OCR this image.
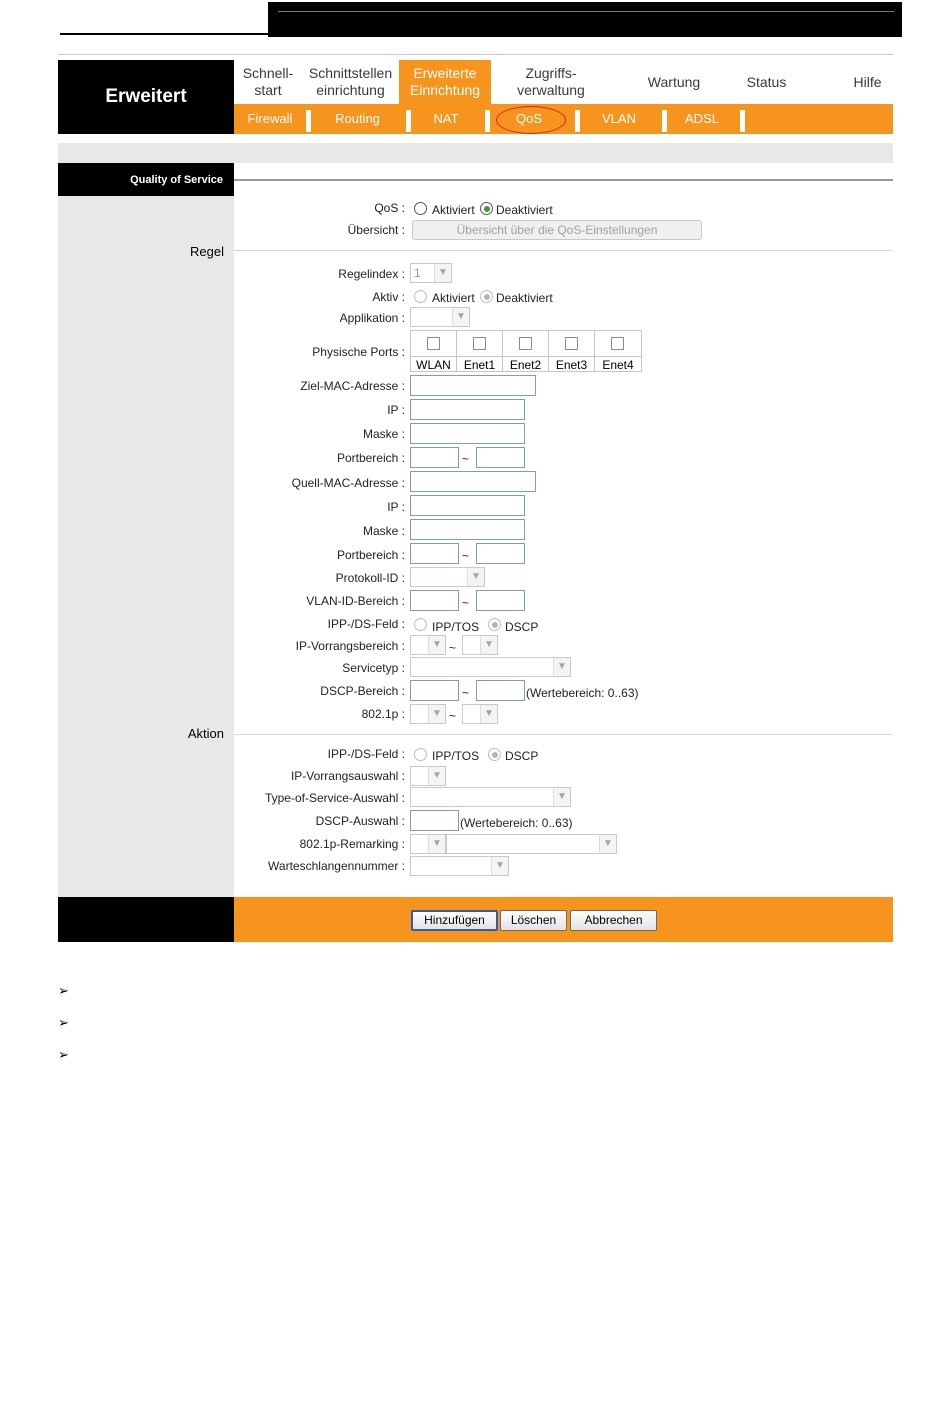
Erweitert
Schnell-
start
Schnittstellen
einrichtung
Erweiterte
Einrichtung
Zugriffs-
verwaltung
Wartung	Status	Hilfe
Firewall	Routing	NAT	QoS	VLAN	ADSL
Quality of Service
Regel
Aktion
QoS : Aktiviert Deaktiviert
Übersicht :	Übersicht über die QoS-Einstellungen
Regelindex : 1	▼
Aktiv : Aktiviert Deaktiviert
Applikation :	▼
Physische Ports :
WLAN	Enet1	Enet2	Enet3	Enet4
Ziel-MAC-Adresse :
IP :
Maske :
Portbereich :	~
Quell-MAC-Adresse :
IP :
Maske :
Portbereich :	~
Protokoll-ID :	▼
VLAN-ID-Bereich :	~
IPP-/DS-Feld : IPP/TOS DSCP
IP-Vorrangsbereich :	▼ ~	▼
Servicetyp :	▼
DSCP-Bereich :	~	(Wertebereich: 0..63)
802.1p :	▼ ~	▼
IPP-/DS-Feld : IPP/TOS DSCP
IP-Vorrangsauswahl :	▼
Type-of-Service-Auswahl :	▼
DSCP-Auswahl :	(Wertebereich: 0..63)
802.1p-Remarking :	▼	▼
Warteschlangennummer :	▼
Hinzufügen	Löschen	Abbrechen
➢
➢
➢
